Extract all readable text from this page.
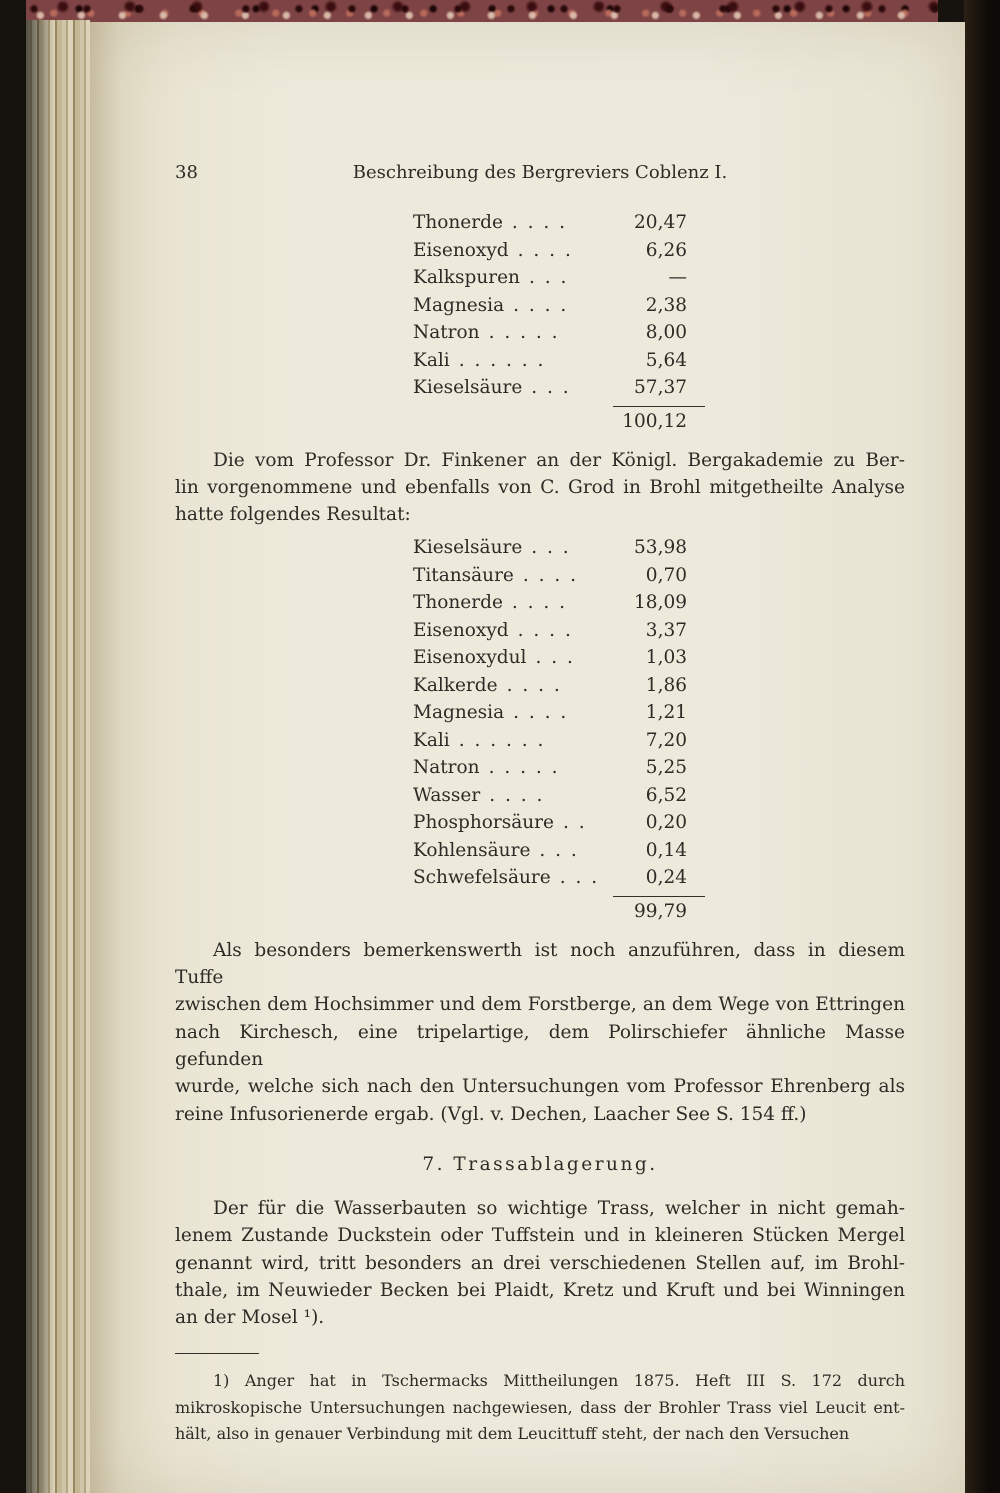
38	Beschreibung des Bergreviers Coblenz I.
Thonerde . . . .	20,47
Eisenoxyd . . . .	6,26
Kalkspuren . . .	—
Magnesia . . . .	2,38
Natron . . . . .	8,00
Kali . . . . . .	5,64
Kieselsäure . . .	57,37
100,12
Die vom Professor Dr. Finkener an der Königl. Bergakademie zu Ber-
lin vorgenommene und ebenfalls von C. Grod in Brohl mitgetheilte Analyse
hatte folgendes Resultat:
Kieselsäure . . .	53,98
Titansäure . . . .	0,70
Thonerde . . . .	18,09
Eisenoxyd . . . .	3,37
Eisenoxydul . . .	1,03
Kalkerde . . . .	1,86
Magnesia . . . .	1,21
Kali . . . . . .	7,20
Natron . . . . .	5,25
Wasser . . . .	6,52
Phosphorsäure . .	0,20
Kohlensäure . . .	0,14
Schwefelsäure . . .	0,24
99,79
Als besonders bemerkenswerth ist noch anzuführen, dass in diesem Tuffe
zwischen dem Hochsimmer und dem Forstberge, an dem Wege von Ettringen
nach Kirchesch, eine tripelartige, dem Polirschiefer ähnliche Masse gefunden
wurde, welche sich nach den Untersuchungen vom Professor Ehrenberg als
reine Infusorienerde ergab. (Vgl. v. Dechen, Laacher See S. 154 ff.)
7. Trassablagerung.
Der für die Wasserbauten so wichtige Trass, welcher in nicht gemah-
lenem Zustande Duckstein oder Tuffstein und in kleineren Stücken Mergel
genannt wird, tritt besonders an drei verschiedenen Stellen auf, im Brohl-
thale, im Neuwieder Becken bei Plaidt, Kretz und Kruft und bei Winningen
an der Mosel ¹).
1) Anger hat in Tschermacks Mittheilungen 1875. Heft III S. 172 durch
mikroskopische Untersuchungen nachgewiesen, dass der Brohler Trass viel Leucit ent-
hält, also in genauer Verbindung mit dem Leucittuff steht, der nach den Versuchen
